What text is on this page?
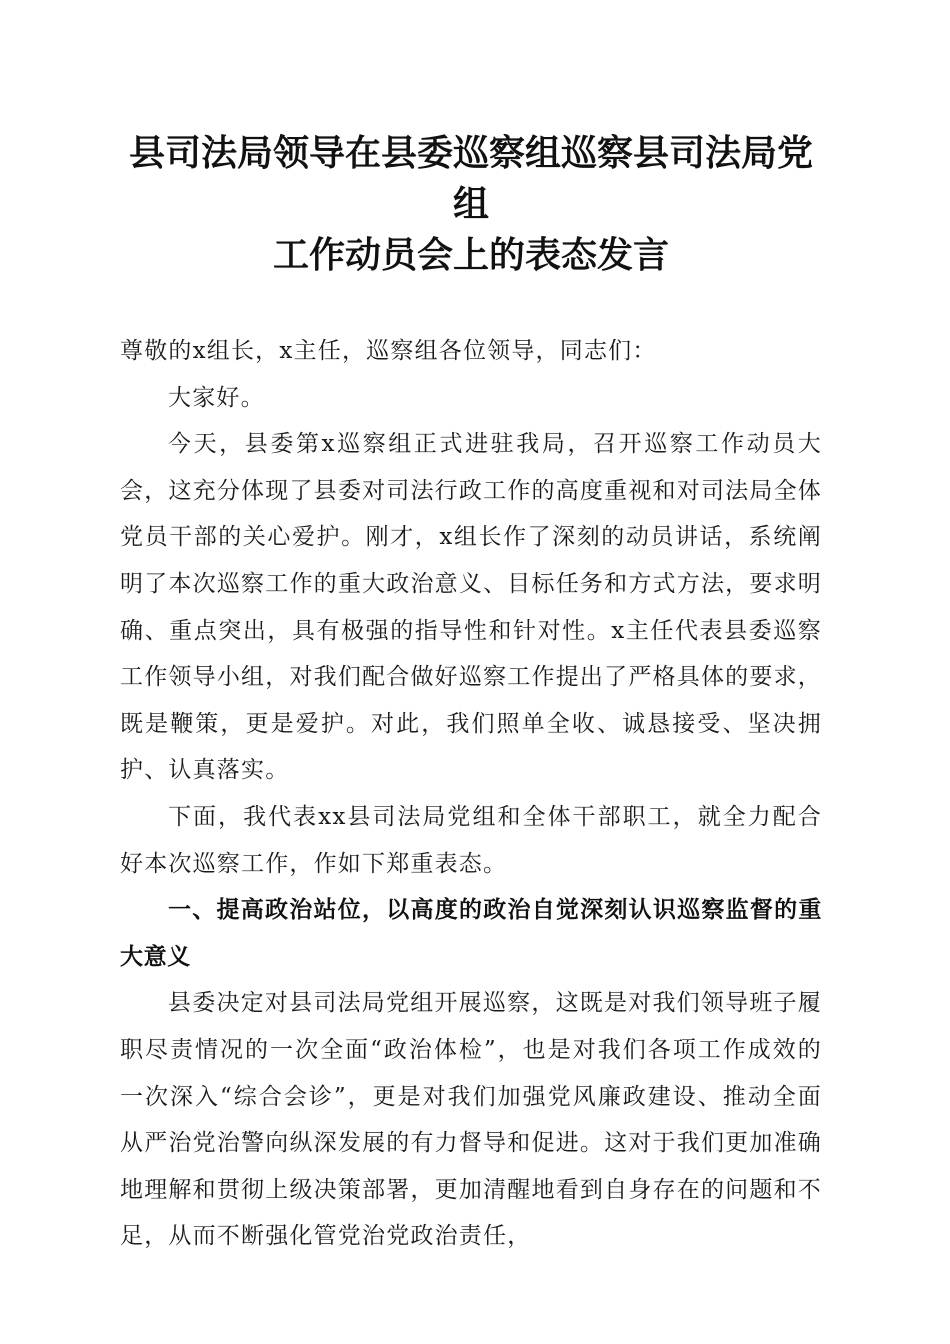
县司法局领导在县委巡察组巡察县司法局党组
工作动员会上的表态发言

尊敬的x组长，x主任，巡察组各位领导，同志们：

大家好。

今天，县委第x巡察组正式进驻我局，召开巡察工作动员大会，这充分体现了县委对司法行政工作的高度重视和对司法局全体党员干部的关心爱护。刚才，x组长作了深刻的动员讲话，系统阐明了本次巡察工作的重大政治意义、目标任务和方式方法，要求明确、重点突出，具有极强的指导性和针对性。x主任代表县委巡察工作领导小组，对我们配合做好巡察工作提出了严格具体的要求，既是鞭策，更是爱护。对此，我们照单全收、诚恳接受、坚决拥护、认真落实。

下面，我代表xx县司法局党组和全体干部职工，就全力配合好本次巡察工作，作如下郑重表态。

一、提高政治站位，以高度的政治自觉深刻认识巡察监督的重大意义

县委决定对县司法局党组开展巡察，这既是对我们领导班子履职尽责情况的一次全面“政治体检”，也是对我们各项工作成效的一次深入“综合会诊”，更是对我们加强党风廉政建设、推动全面从严治党治警向纵深发展的有力督导和促进。这对于我们更加准确地理解和贯彻上级决策部署，更加清醒地看到自身存在的问题和不足，从而不断强化管党治党政治责任，
